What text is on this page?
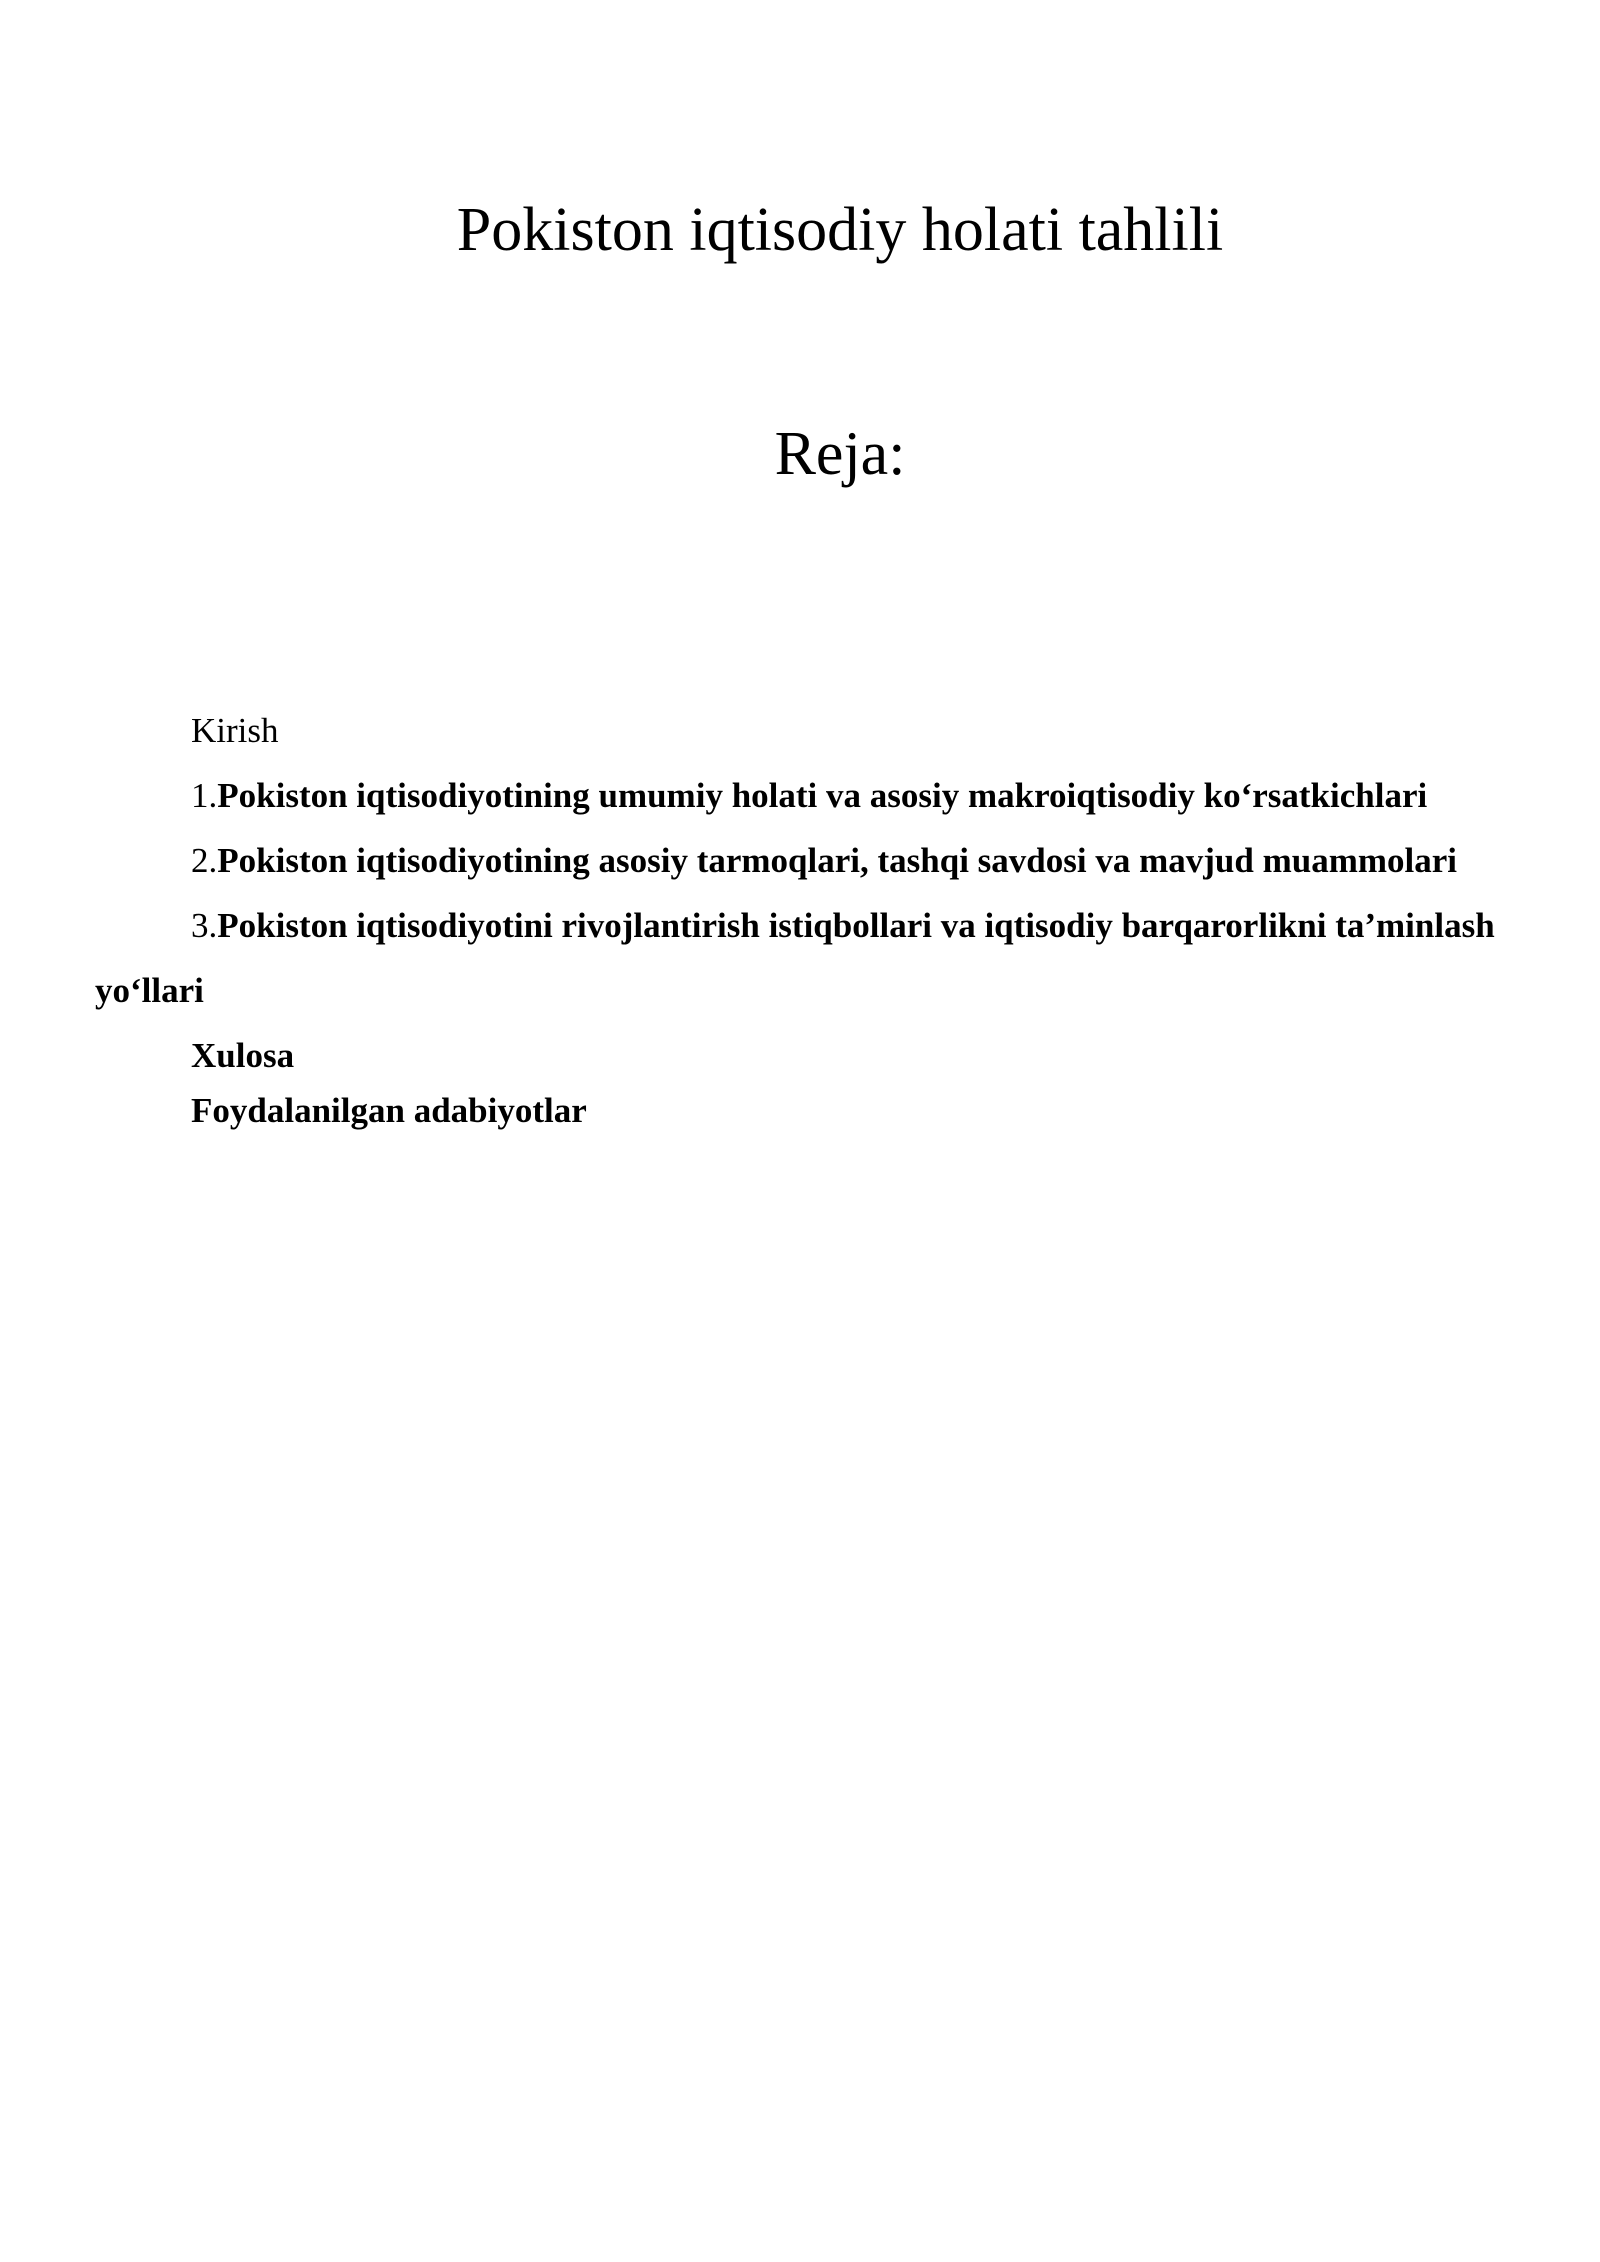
Pokiston iqtisodiy holati tahlili
Reja:

Kirish

1.Pokiston iqtisodiyotining umumiy holati va asosiy makroiqtisodiy ko‘rsatkichlari

2.Pokiston iqtisodiyotining asosiy tarmoqlari, tashqi savdosi va mavjud muammolari

3.Pokiston iqtisodiyotini rivojlantirish istiqbollari va iqtisodiy barqarorlikni ta’minlash yo‘llari

Xulosa

Foydalanilgan adabiyotlar
